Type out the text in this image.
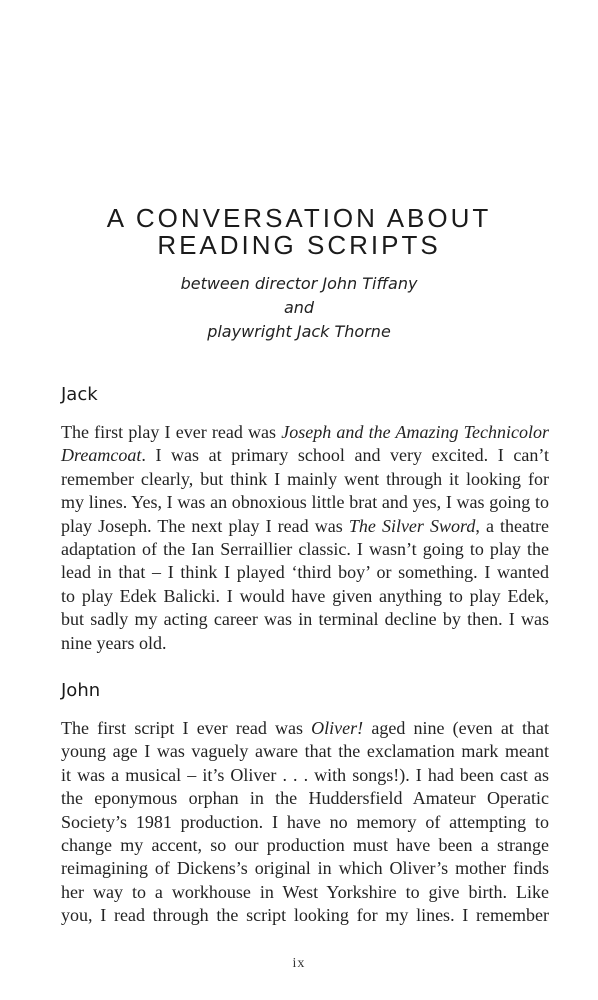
A CONVERSATION ABOUT
READING SCRIPTS
between director John Tiffany
and
playwright Jack Thorne
Jack
The first play I ever read was Joseph and the Amazing Technicolor
Dreamcoat. I was at primary school and very excited. I can’t
remember clearly, but think I mainly went through it looking for
my lines. Yes, I was an obnoxious little brat and yes, I was going to
play Joseph. The next play I read was The Silver Sword, a theatre
adaptation of the Ian Serraillier classic. I wasn’t going to play the
lead in that – I think I played ‘third boy’ or something. I wanted
to play Edek Balicki. I would have given anything to play Edek,
but sadly my acting career was in terminal decline by then. I was
nine years old.
John
The first script I ever read was Oliver! aged nine (even at that
young age I was vaguely aware that the exclamation mark meant
it was a musical – it’s Oliver . . . with songs!). I had been cast as
the eponymous orphan in the Huddersfield Amateur Operatic
Society’s 1981 production. I have no memory of attempting to
change my accent, so our production must have been a strange
reimagining of Dickens’s original in which Oliver’s mother finds
her way to a workhouse in West Yorkshire to give birth. Like
you, I read through the script looking for my lines. I remember
ix
